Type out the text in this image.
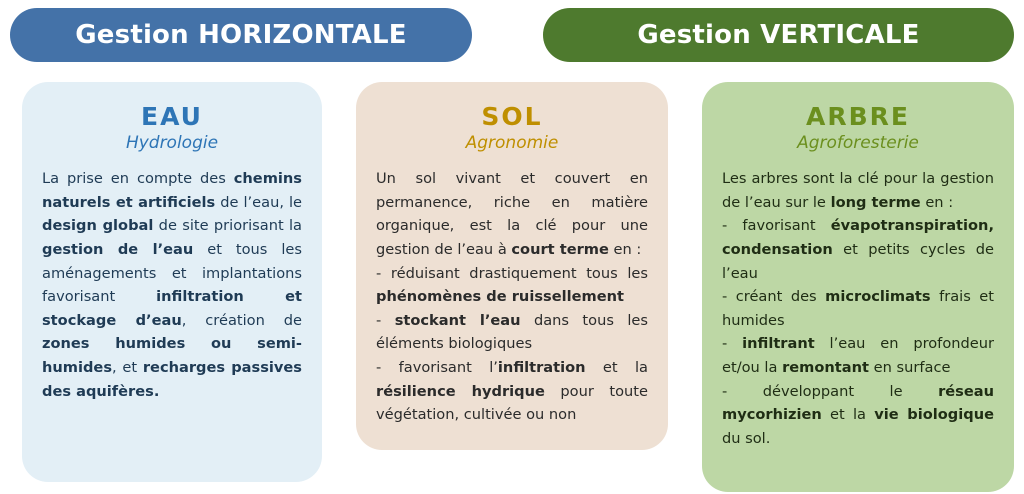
Gestion HORIZONTALE	Gestion VERTICALE
EAU
Hydrologie
La prise en compte des chemins naturels et artificiels de l’eau, le design global de site priorisant la gestion de l’eau et tous les aménagements et implantations favorisant infiltration et stockage d’eau, création de zones humides ou semi-humides, et recharges passives des aquifères.
SOL
Agronomie
Un sol vivant et couvert en permanence, riche en matière organique, est la clé pour une gestion de l’eau à court terme en :
- réduisant drastiquement tous les phénomènes de ruissellement
- stockant l’eau dans tous les éléments biologiques
- favorisant l’infiltration et la résilience hydrique pour toute végétation, cultivée ou non
ARBRE
Agroforesterie
Les arbres sont la clé pour la gestion de l’eau sur le long terme en :
- favorisant évapotranspiration, condensation et petits cycles de l’eau
- créant des microclimats frais et humides
- infiltrant l’eau en profondeur et/ou la remontant en surface
- développant le réseau mycorhizien et la vie biologique du sol.
